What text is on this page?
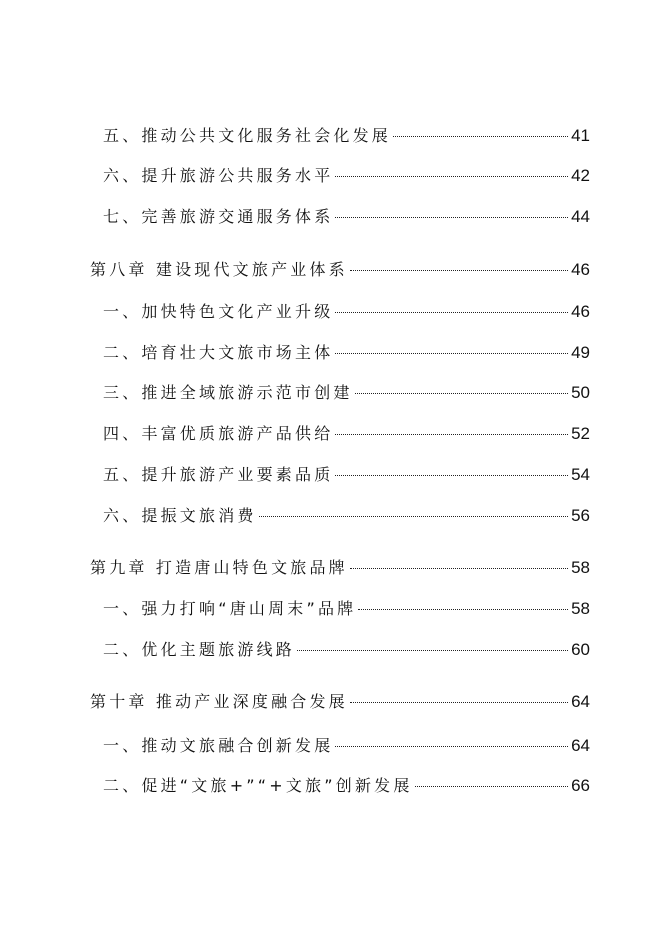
五、推动公共文化服务社会化发展	41
六、提升旅游公共服务水平	42
七、完善旅游交通服务体系	44
第八章 建设现代文旅产业体系	46
一、加快特色文化产业升级	46
二、培育壮大文旅市场主体	49
三、推进全域旅游示范市创建	50
四、丰富优质旅游产品供给	52
五、提升旅游产业要素品质	54
六、提振文旅消费	56
第九章 打造唐山特色文旅品牌	58
一、强力打响“唐山周末”品牌	58
二、优化主题旅游线路	60
第十章 推动产业深度融合发展	64
一、推动文旅融合创新发展	64
二、促进“文旅+”“+文旅”创新发展	66
